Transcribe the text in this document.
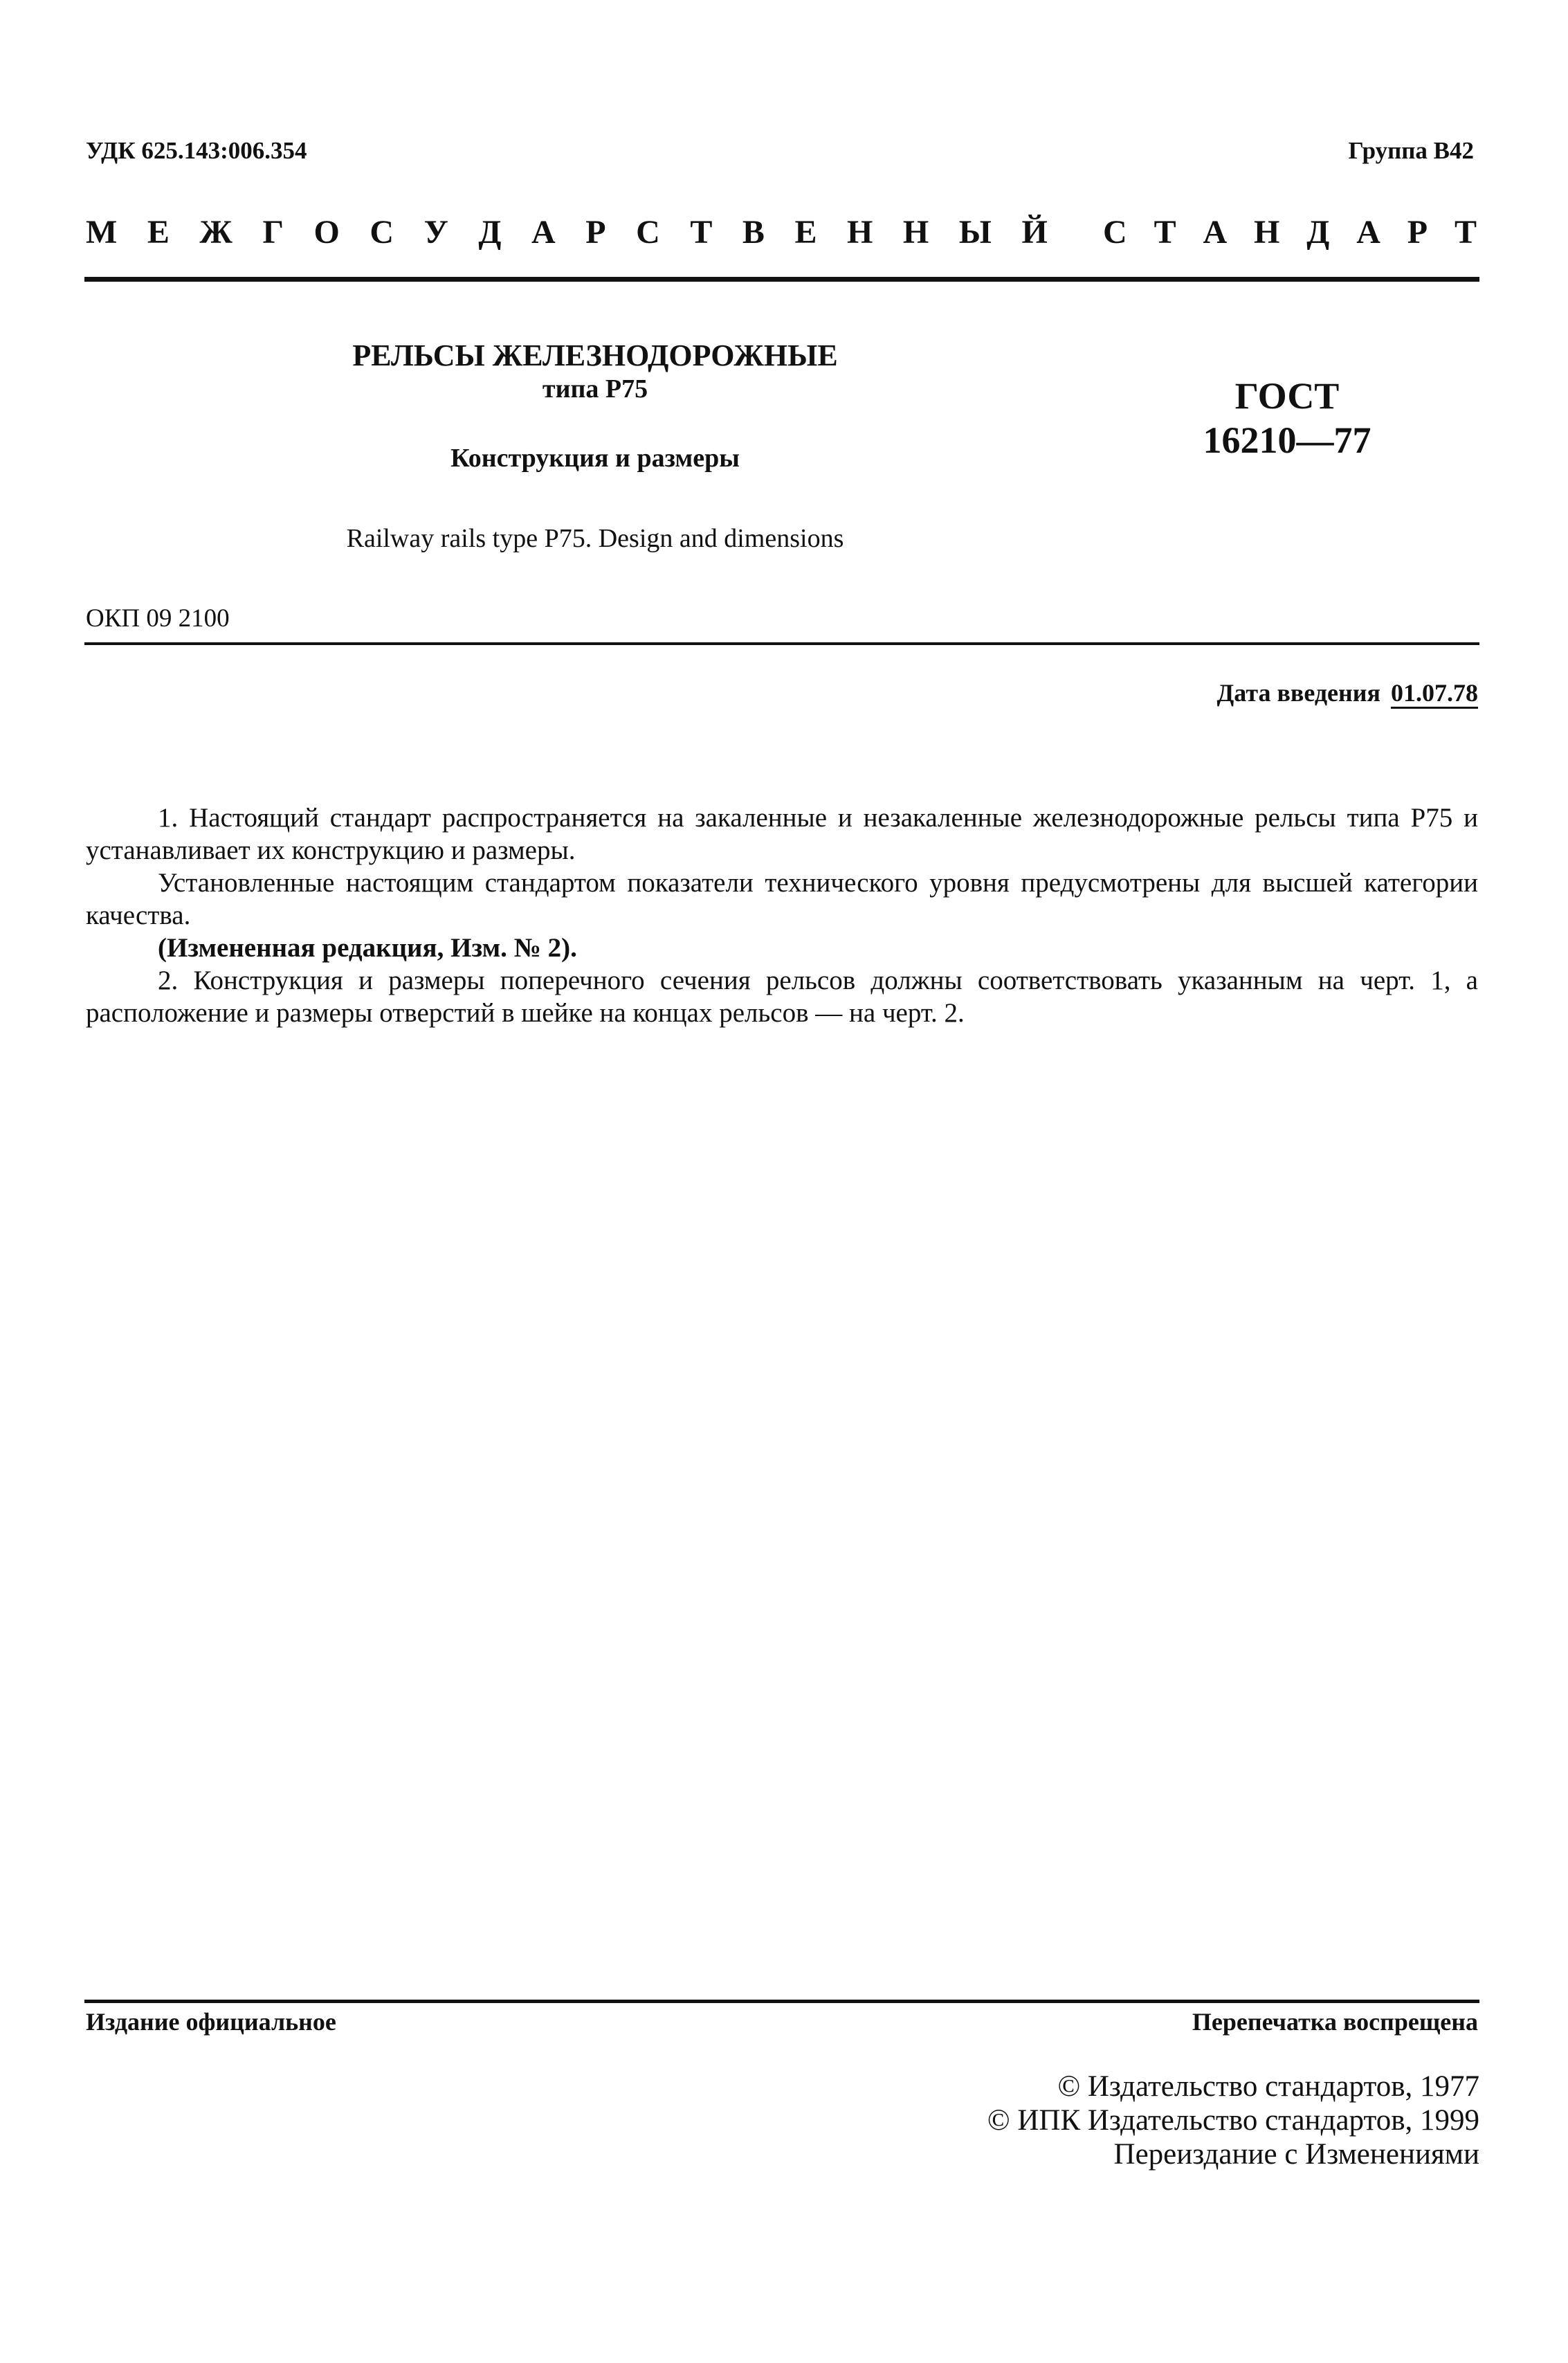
УДК 625.143:006.354	Группа В42
М Е Ж Г О С У Д А Р С Т В Е Н Н Ы Й С Т А Н Д А Р Т
РЕЛЬСЫ ЖЕЛЕЗНОДОРОЖНЫЕ
типа Р75
Конструкция и размеры
Railway rails type P75. Design and dimensions
ГОСТ
16210—77
ОКП 09 2100
Дата введения 01.07.78

1. Настоящий стандарт распространяется на закаленные и незакаленные железнодорожные рельсы типа Р75 и устанавливает их конструкцию и размеры.

Установленные настоящим стандартом показатели технического уровня предусмотрены для высшей категории качества.

(Измененная редакция, Изм. № 2).

2. Конструкция и размеры поперечного сечения рельсов должны соответствовать указанным на черт. 1, а расположение и размеры отверстий в шейке на концах рельсов — на черт. 2.

Издание официальное	Перепечатка воспрещена
© Издательство стандартов, 1977
© ИПК Издательство стандартов, 1999
Переиздание с Изменениями
